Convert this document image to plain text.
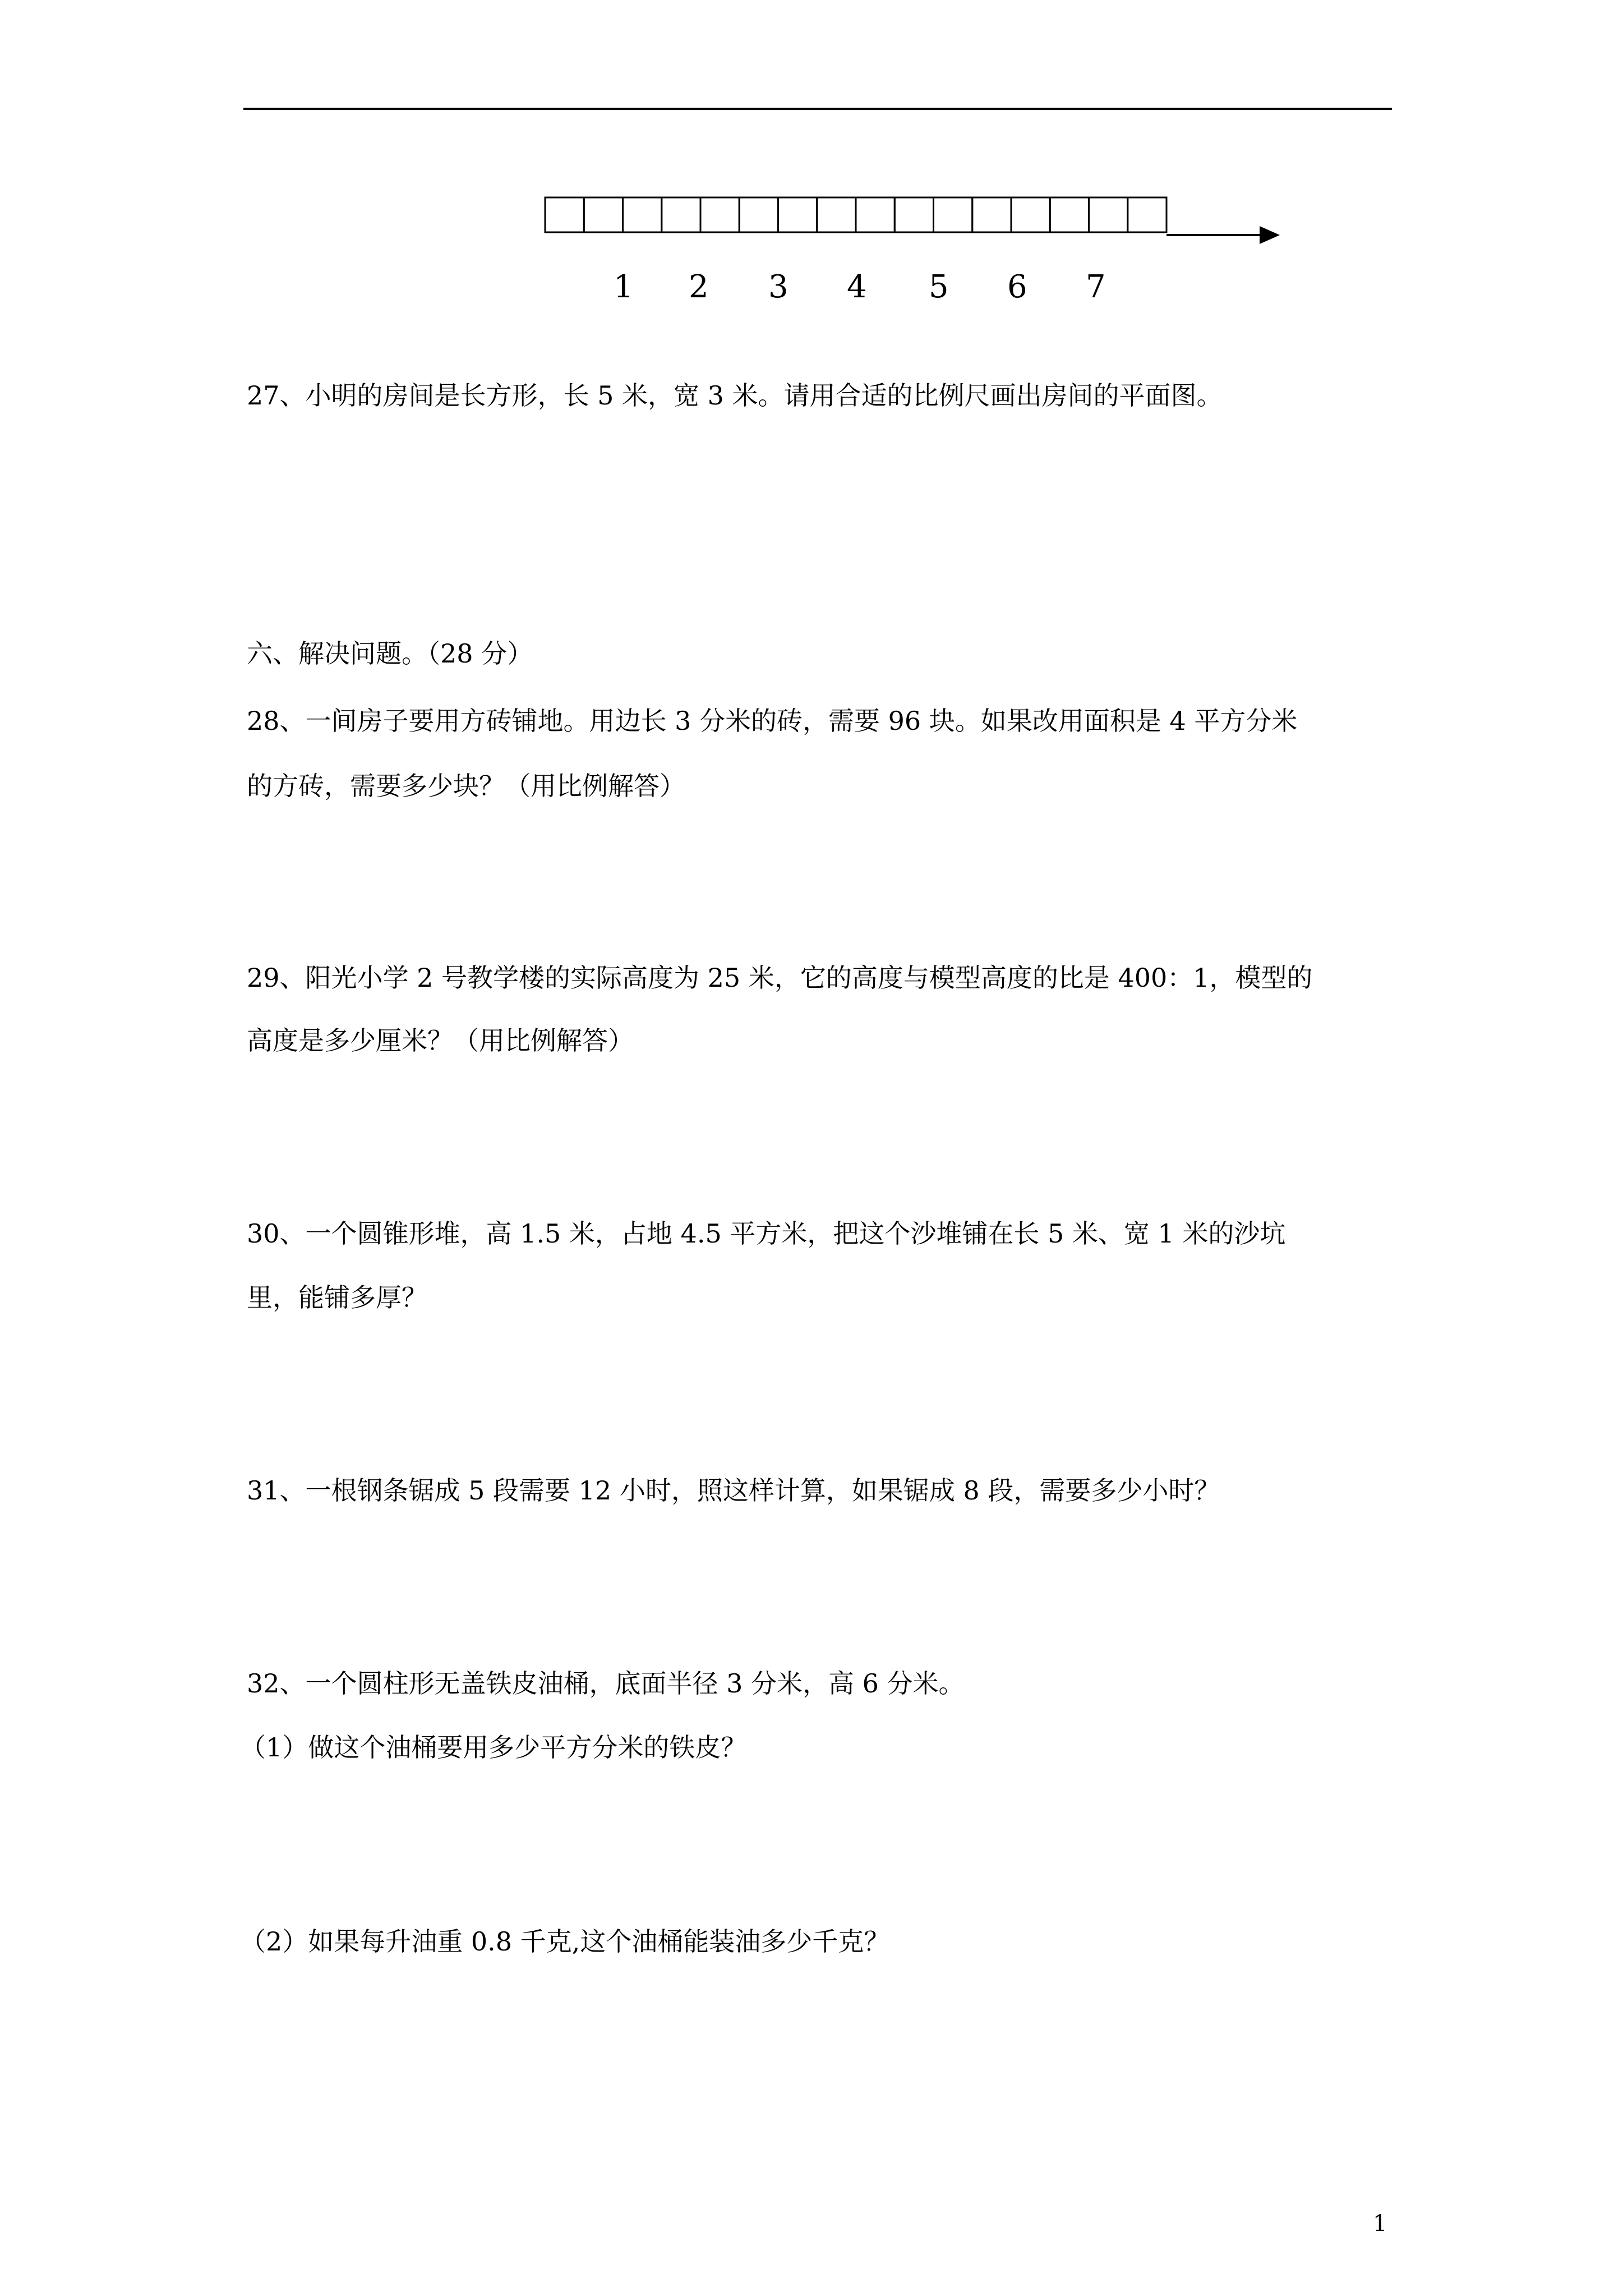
1 2 3 4 5 6 7
27、小明的房间是长方形，长 5 米，宽 3 米。请用合适的比例尺画出房间的平面图。
六、解决问题。（28 分）
28、一间房子要用方砖铺地。用边长 3 分米的砖，需要 96 块。如果改用面积是 4 平方分米
的方砖，需要多少块？（用比例解答）
29、阳光小学 2 号教学楼的实际高度为 25 米，它的高度与模型高度的比是 400：1，模型的
高度是多少厘米？（用比例解答）
30、一个圆锥形堆，高 1.5 米，占地 4.5 平方米，把这个沙堆铺在长 5 米、宽 1 米的沙坑
里，能铺多厚？
31、一根钢条锯成 5 段需要 12 小时，照这样计算，如果锯成 8 段，需要多少小时？
32、一个圆柱形无盖铁皮油桶，底面半径 3 分米，高 6 分米。
（1）做这个油桶要用多少平方分米的铁皮？
（2）如果每升油重 0.8 千克,这个油桶能装油多少千克？
1
